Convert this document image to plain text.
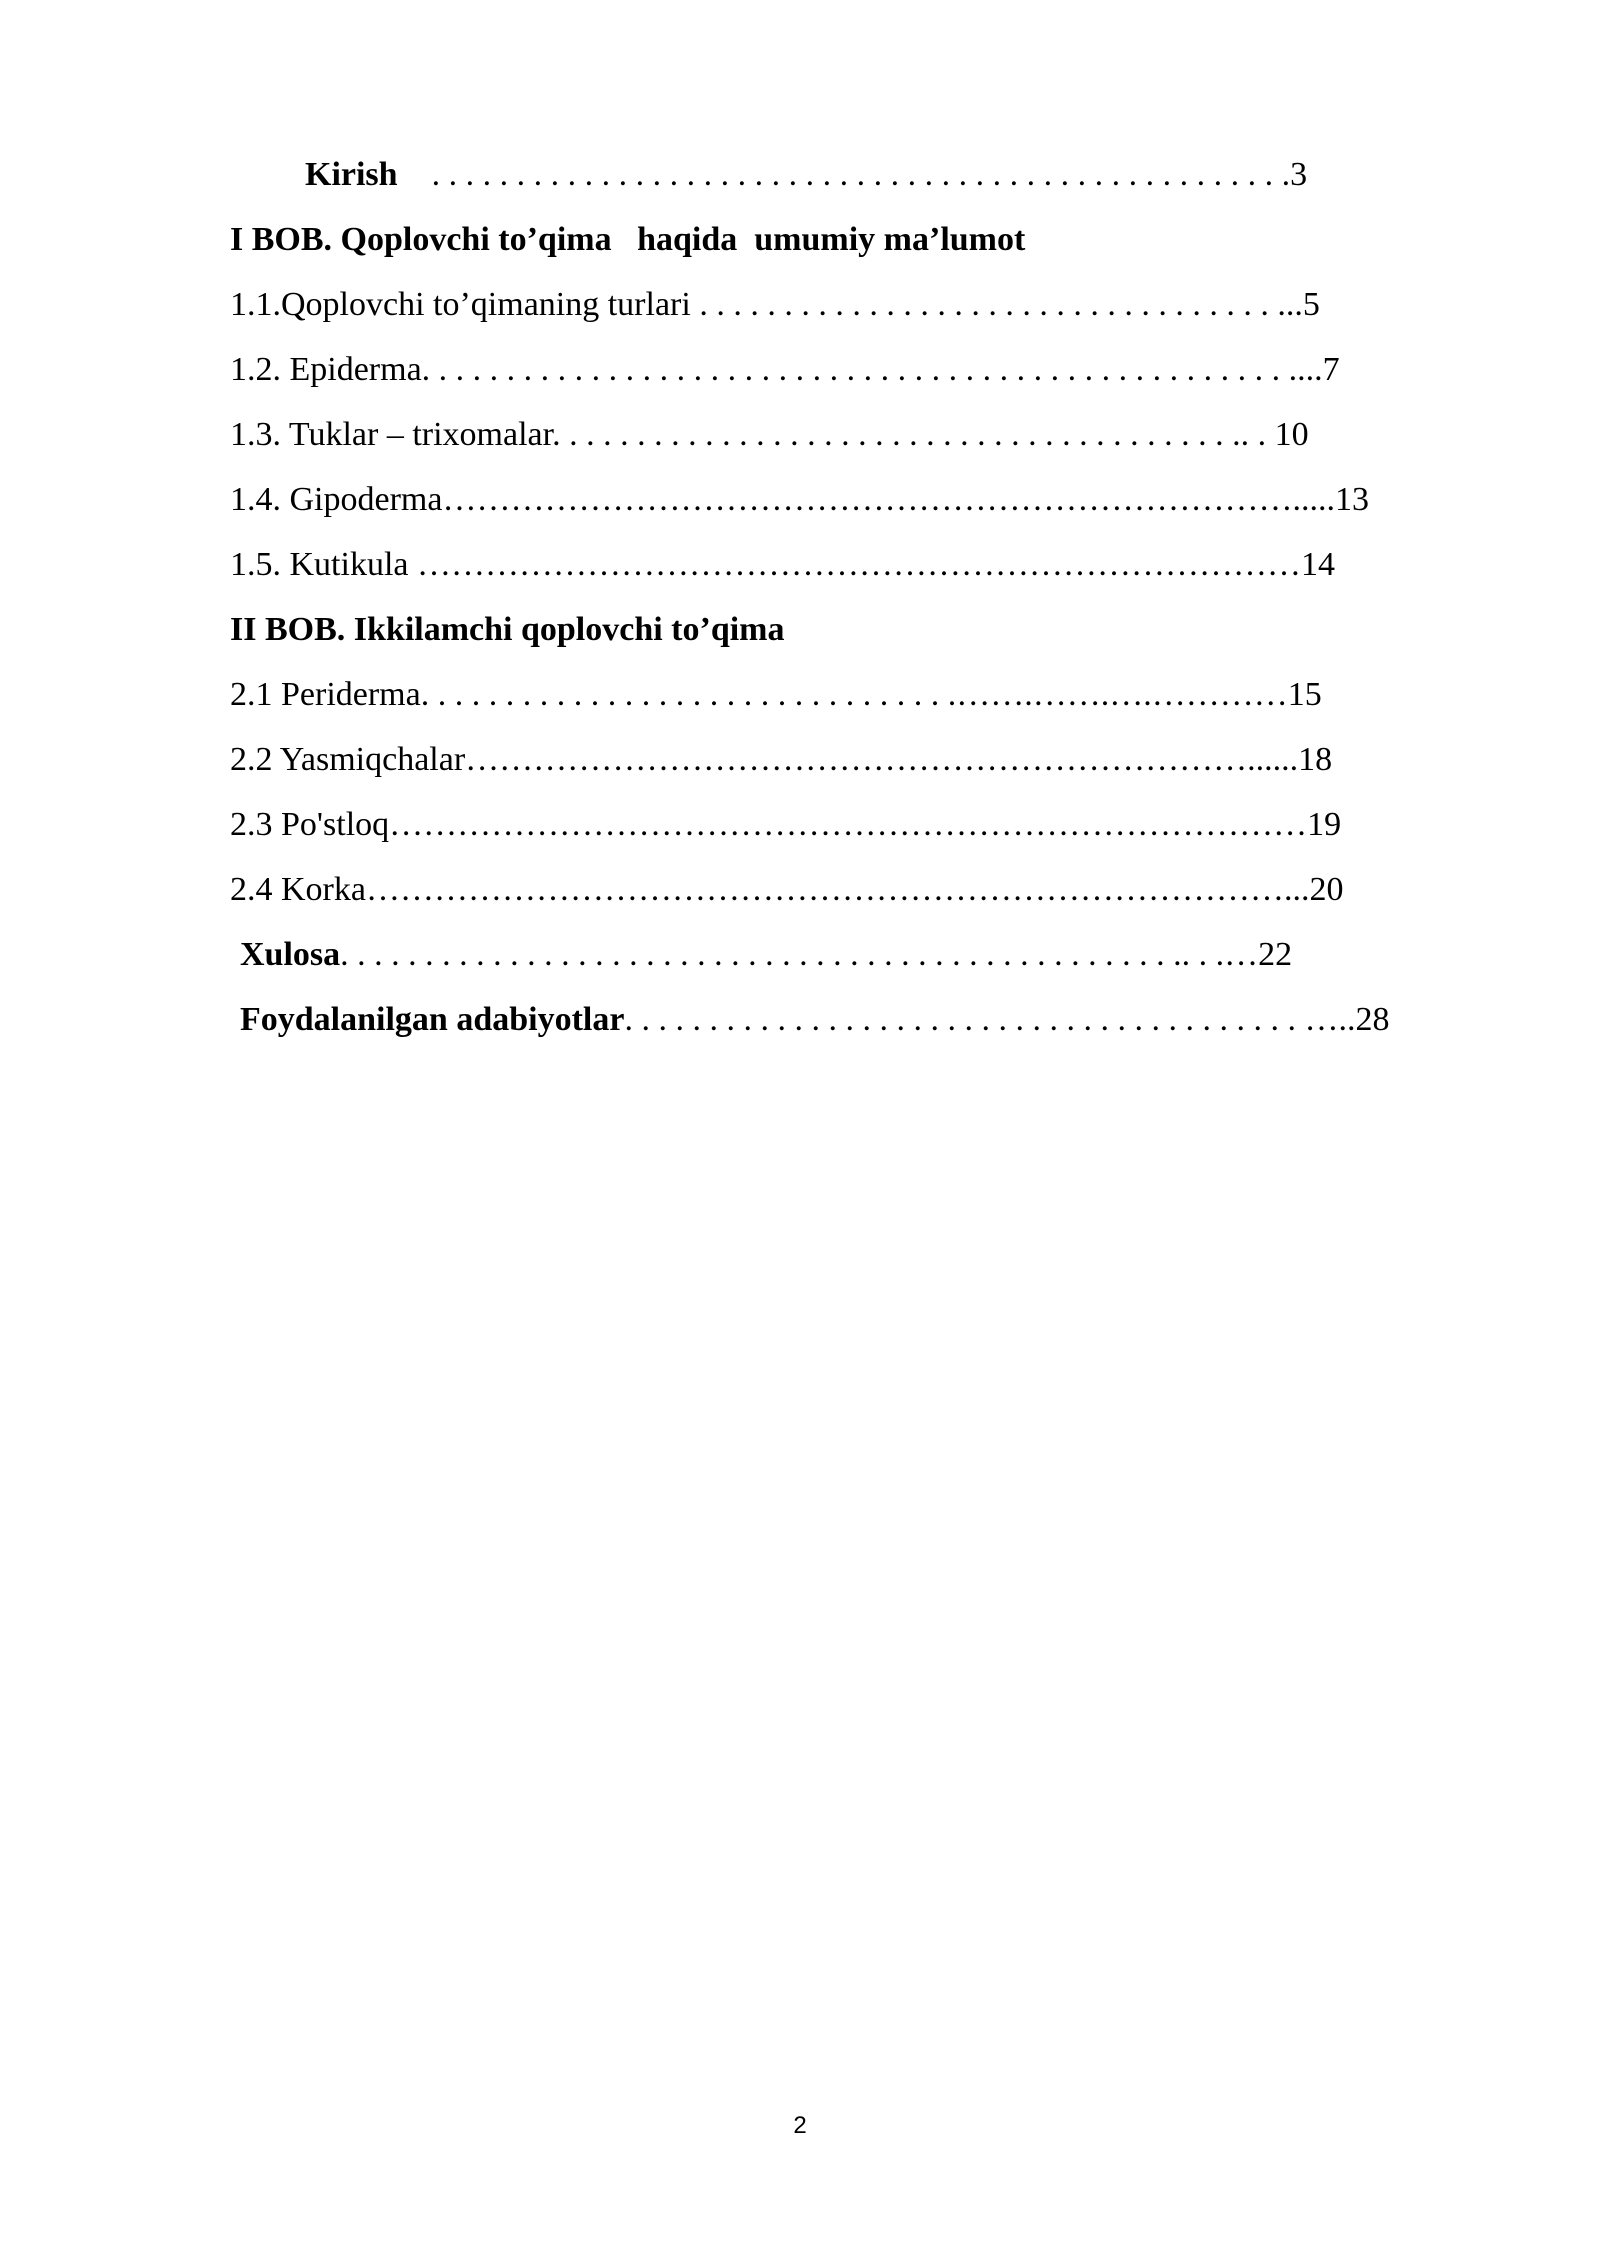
Kirish    . . . . . . . . . . . . . . . . . . . . . . . . . . . . . . . . . . . . . . . . . . . . . . . . . . .3

I BOB. Qoplovchi to’qima   haqida  umumiy ma’lumot

1.1.Qoplovchi to’qimaning turlari . . . . . . . . . . . . . . . . . . . . . . . . . . . . . . . . . . ...5

1.2. Epiderma. . . . . . . . . . . . . . . . . . . . . . . . . . . . . . . . . . . . . . . . . . . . . . . . . . . ....7

1.3. Tuklar – trixomalar. . . . . . . . . . . . . . . . . . . . . . . . . . . . . . . . . . . . . . . . .. . 10

1.4. Gipoderma………………………………………………………………….....13

1.5. Kutikula ……………………………………………………………………14

II BOB. Ikkilamchi qoplovchi to’qima

2.1 Periderma. . . . . . . . . . . . . . . . . . . . . . . . . . . . . . . .…….…….….…………15

2.2 Yasmiqchalar……………………………………………………………......18

2.3 Po'stloq………………………………………………………………………19

2.4 Korka………………………………………………………………………...20

Xulosa. . . . . . . . . . . . . . . . . . . . . . . . . . . . . . . . . . . . . . . . . . . . . . . . . .. . .…22

Foydalanilgan adabiyotlar. . . . . . . . . . . . . . . . . . . . . . . . . . . . . . . . . . . . . . . . …..28

2
